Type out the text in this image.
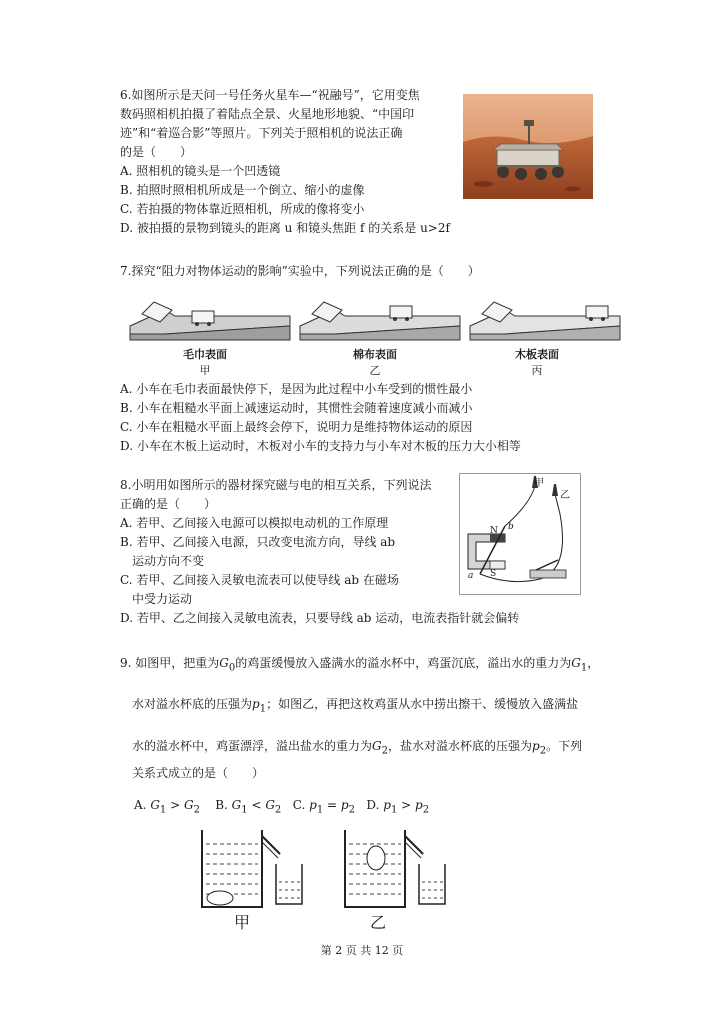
6.如图所示是天问一号任务火星车—“祝融号”，它用变焦
数码照相机拍摄了着陆点全景、火星地形地貌、“中国印
迹”和“着巡合影”等照片。下列关于照相机的说法正确
的是（　　）
A. 照相机的镜头是一个凹透镜
B. 拍照时照相机所成是一个倒立、缩小的虚像
C. 若拍摄的物体靠近照相机，所成的像将变小
D. 被拍摄的景物到镜头的距离 u 和镜头焦距 f 的关系是 u>2f
7.探究“阻力对物体运动的影响”实验中，下列说法正确的是（　　）
毛巾表面	棉布表面	木板表面
甲	乙	丙
A. 小车在毛巾表面最快停下，是因为此过程中小车受到的惯性最小
B. 小车在粗糙水平面上减速运动时，其惯性会随着速度减小而减小
C. 小车在粗糙水平面上最终会停下，说明力是维持物体运动的原因
D. 小车在木板上运动时，木板对小车的支持力与小车对木板的压力大小相等
8.小明用如图所示的器材探究磁与电的相互关系，下列说法
正确的是（　　）
A. 若甲、乙间接入电源可以模拟电动机的工作原理
B. 若甲、乙间接入电源，只改变电流方向，导线 ab
运动方向不变
C. 若甲、乙间接入灵敏电流表可以使导线 ab 在磁场
中受力运动
D. 若甲、乙之间接入灵敏电流表，只要导线 ab 运动，电流表指针就会偏转
甲
乙
N
S
a
b
9. 如图甲，把重为$G_0$的鸡蛋缓慢放入盛满水的溢水杯中，鸡蛋沉底，溢出水的重力为$G_1$，
水对溢水杯底的压强为$p_1$；如图乙，再把这枚鸡蛋从水中捞出擦干、缓慢放入盛满盐
水的溢水杯中，鸡蛋漂浮，溢出盐水的重力为$G_2$，盐水对溢水杯底的压强为$p_2$。下列
关系式成立的是（　　）
A. $G_1 > G_2$ B. $G_1 < G_2$ C. $p_1 = p_2$ D. $p_1 > p_2$
甲	乙
第 2 页 共 12 页
